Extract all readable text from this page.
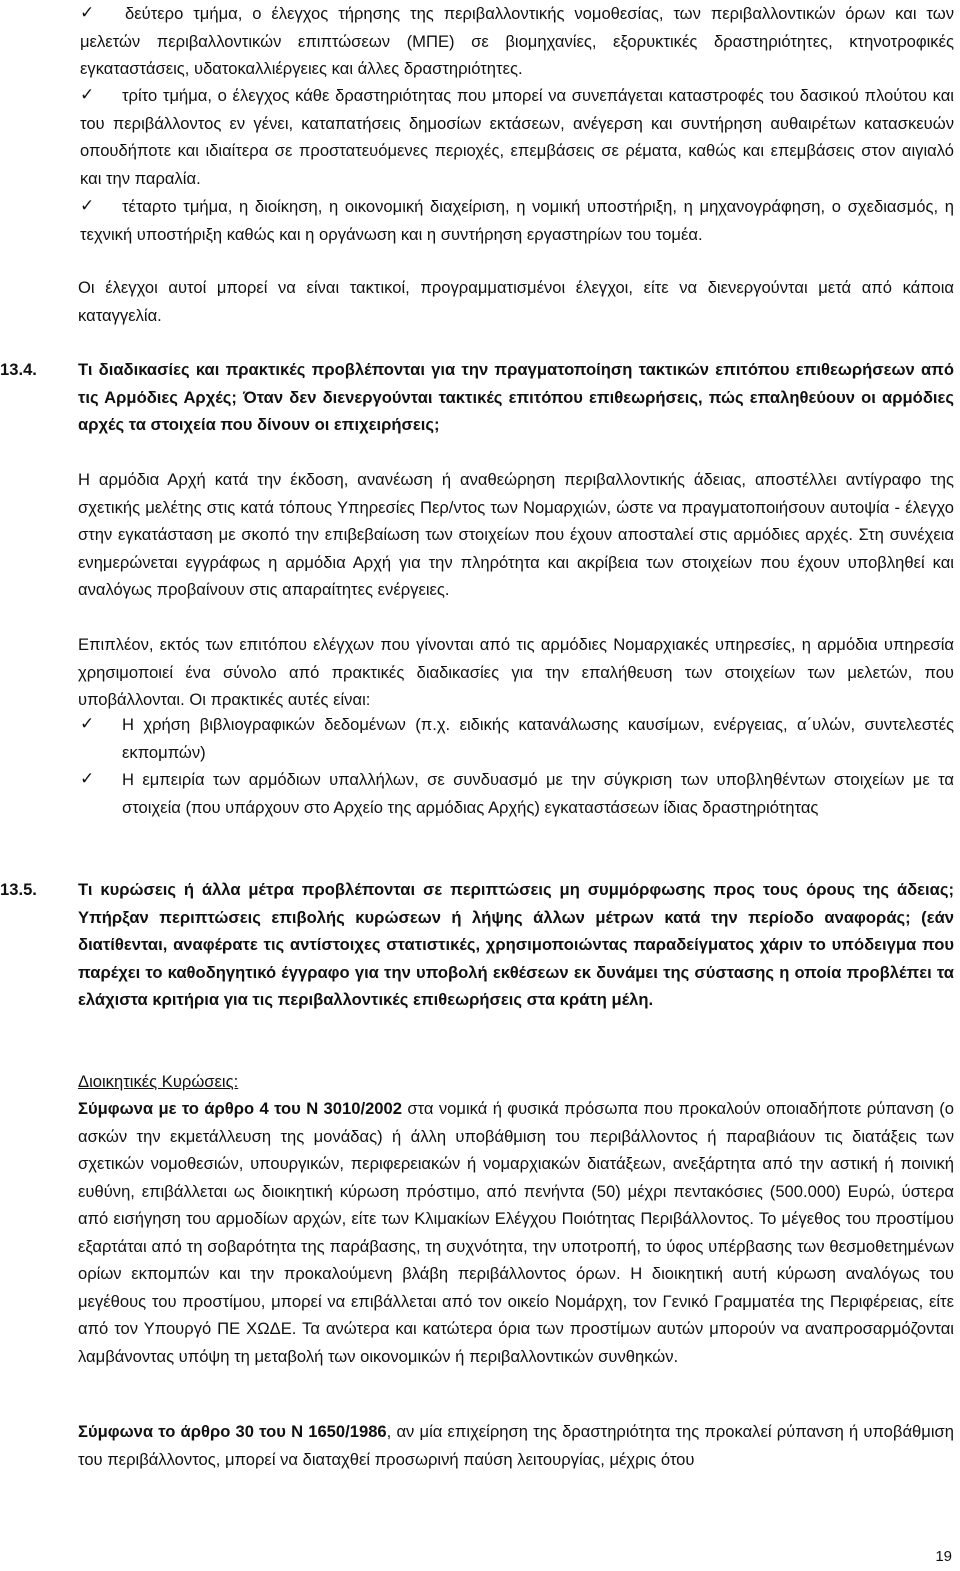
✓	δεύτερο τμήμα, ο έλεγχος τήρησης της περιβαλλοντικής νομοθεσίας, των περιβαλλοντικών όρων και των μελετών περιβαλλοντικών επιπτώσεων (ΜΠΕ) σε βιομηχανίες, εξορυκτικές δραστηριότητες, κτηνοτροφικές εγκαταστάσεις, υδατοκαλλιέργειες και άλλες δραστηριότητες.
✓	τρίτο τμήμα, ο έλεγχος κάθε δραστηριότητας που μπορεί να συνεπάγεται καταστροφές του δασικού πλούτου και του περιβάλλοντος εν γένει, καταπατήσεις δημοσίων εκτάσεων, ανέγερση και συντήρηση αυθαιρέτων κατασκευών οπουδήποτε και ιδιαίτερα σε προστατευόμενες περιοχές, επεμβάσεις σε ρέματα, καθώς και επεμβάσεις στον αιγιαλό και την παραλία.
✓	τέταρτο τμήμα, η διοίκηση, η οικονομική διαχείριση, η νομική υποστήριξη, η μηχανογράφηση, ο σχεδιασμός, η τεχνική υποστήριξη καθώς και η οργάνωση και η συντήρηση εργαστηρίων του τομέα.
Οι έλεγχοι αυτοί μπορεί να είναι τακτικοί, προγραμματισμένοι έλεγχοι, είτε να διενεργούνται μετά από κάποια καταγγελία.
13.4. Τι διαδικασίες και πρακτικές προβλέπονται για την πραγματοποίηση τακτικών επιτόπου επιθεωρήσεων από τις Αρμόδιες Αρχές; Όταν δεν διενεργούνται τακτικές επιτόπου επιθεωρήσεις, πώς επαληθεύουν οι αρμόδιες αρχές τα στοιχεία που δίνουν οι επιχειρήσεις;
Η αρμόδια Αρχή κατά την έκδοση, ανανέωση ή αναθεώρηση περιβαλλοντικής άδειας, αποστέλλει αντίγραφο της σχετικής μελέτης στις κατά τόπους Υπηρεσίες Περ/ντος των Νομαρχιών, ώστε να πραγματοποιήσουν αυτοψία - έλεγχο στην εγκατάσταση με σκοπό την επιβεβαίωση των στοιχείων που έχουν αποσταλεί στις αρμόδιες αρχές. Στη συνέχεια ενημερώνεται εγγράφως η αρμόδια Αρχή για την πληρότητα και ακρίβεια των στοιχείων που έχουν υποβληθεί και αναλόγως προβαίνουν στις απαραίτητες ενέργειες.
Επιπλέον, εκτός των επιτόπου ελέγχων που γίνονται από τις αρμόδιες Νομαρχιακές υπηρεσίες, η αρμόδια υπηρεσία χρησιμοποιεί ένα σύνολο από πρακτικές διαδικασίες για την επαλήθευση των στοιχείων των μελετών, που υποβάλλονται. Οι πρακτικές αυτές είναι:
✓ Η χρήση βιβλιογραφικών δεδομένων (π.χ. ειδικής κατανάλωσης καυσίμων, ενέργειας, α΄υλών, συντελεστές εκπομπών)
✓ Η εμπειρία των αρμόδιων υπαλλήλων, σε συνδυασμό με την σύγκριση των υποβληθέντων στοιχείων με τα στοιχεία (που υπάρχουν στο Αρχείο της αρμόδιας Αρχής) εγκαταστάσεων ίδιας δραστηριότητας
13.5. Τι κυρώσεις ή άλλα μέτρα προβλέπονται σε περιπτώσεις μη συμμόρφωσης προς τους όρους της άδειας; Υπήρξαν περιπτώσεις επιβολής κυρώσεων ή λήψης άλλων μέτρων κατά την περίοδο αναφοράς; (εάν διατίθενται, αναφέρατε τις αντίστοιχες στατιστικές, χρησιμοποιώντας παραδείγματος χάριν το υπόδειγμα που παρέχει το καθοδηγητικό έγγραφο για την υποβολή εκθέσεων εκ δυνάμει της σύστασης η οποία προβλέπει τα ελάχιστα κριτήρια για τις περιβαλλοντικές επιθεωρήσεις στα κράτη μέλη.
Διοικητικές Κυρώσεις:
Σύμφωνα με το άρθρο 4 του Ν 3010/2002 στα νομικά ή φυσικά πρόσωπα που προκαλούν οποιαδήποτε ρύπανση (ο ασκών την εκμετάλλευση της μονάδας) ή άλλη υποβάθμιση του περιβάλλοντος ή παραβιάουν τις διατάξεις των σχετικών νομοθεσιών, υπουργικών, περιφερειακών ή νομαρχιακών διατάξεων, ανεξάρτητα από την αστική ή ποινική ευθύνη, επιβάλλεται ως διοικητική κύρωση πρόστιμο, από πενήντα (50) μέχρι πεντακόσιες (500.000) Ευρώ, ύστερα από εισήγηση του αρμοδίων αρχών, είτε των Κλιμακίων Ελέγχου Ποιότητας Περιβάλλοντος. Το μέγεθος του προστίμου εξαρτάται από τη σοβαρότητα της παράβασης, τη συχνότητα, την υποτροπή, το ύφος υπέρβασης των θεσμοθετημένων ορίων εκπομπών και την προκαλούμενη βλάβη περιβάλλοντος όρων. Η διοικητική αυτή κύρωση αναλόγως του μεγέθους του προστίμου, μπορεί να επιβάλλεται από τον οικείο Νομάρχη, τον Γενικό Γραμματέα της Περιφέρειας, είτε από τον Υπουργό ΠΕ ΧΩΔΕ. Τα ανώτερα και κατώτερα όρια των προστίμων αυτών μπορούν να αναπροσαρμόζονται λαμβάνοντας υπόψη τη μεταβολή των οικονομικών ή περιβαλλοντικών συνθηκών.
Σύμφωνα το άρθρο 30 του Ν 1650/1986, αν μία επιχείρηση της δραστηριότητα της προκαλεί ρύπανση ή υποβάθμιση του περιβάλλοντος, μπορεί να διαταχθεί προσωρινή παύση λειτουργίας, μέχρις ότου
19
